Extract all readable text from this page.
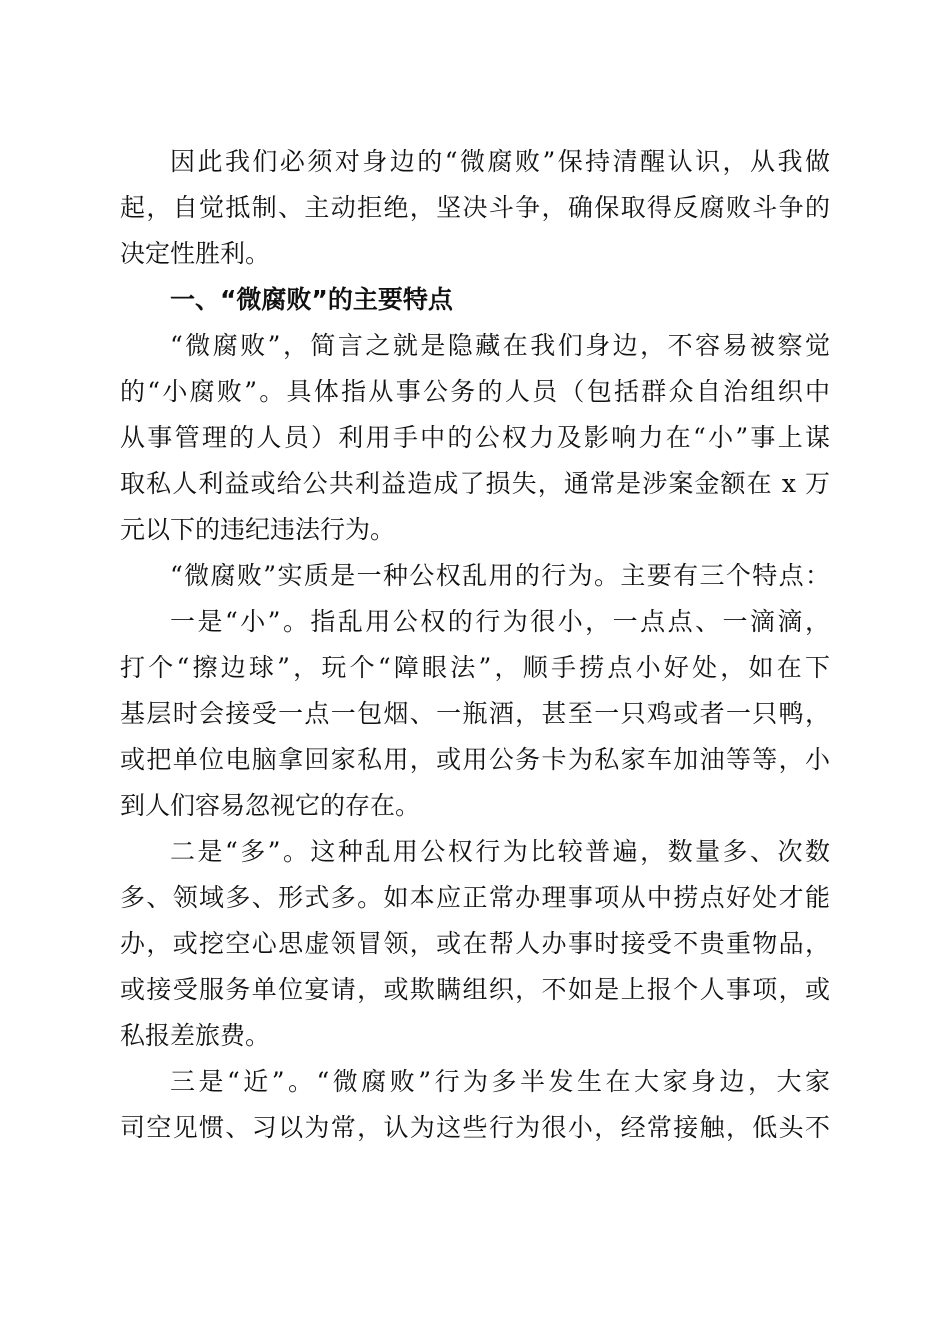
因此我们必须对身边的“微腐败”保持清醒认识，从我做
起，自觉抵制、主动拒绝，坚决斗争，确保取得反腐败斗争的
决定性胜利。
一、“微腐败”的主要特点
“微腐败”，简言之就是隐藏在我们身边，不容易被察觉
的“小腐败”。具体指从事公务的人员（包括群众自治组织中
从事管理的人员）利用手中的公权力及影响力在“小”事上谋
取私人利益或给公共利益造成了损失，通常是涉案金额在 x 万
元以下的违纪违法行为。
“微腐败”实质是一种公权乱用的行为。主要有三个特点：
一是“小”。指乱用公权的行为很小，一点点、一滴滴，
打个“擦边球”，玩个“障眼法”，顺手捞点小好处，如在下
基层时会接受一点一包烟、一瓶酒，甚至一只鸡或者一只鸭，
或把单位电脑拿回家私用，或用公务卡为私家车加油等等，小
到人们容易忽视它的存在。
二是“多”。这种乱用公权行为比较普遍，数量多、次数
多、领域多、形式多。如本应正常办理事项从中捞点好处才能
办，或挖空心思虚领冒领，或在帮人办事时接受不贵重物品，
或接受服务单位宴请，或欺瞒组织，不如是上报个人事项，或
私报差旅费。
三是“近”。“微腐败”行为多半发生在大家身边，大家
司空见惯、习以为常，认为这些行为很小，经常接触，低头不
